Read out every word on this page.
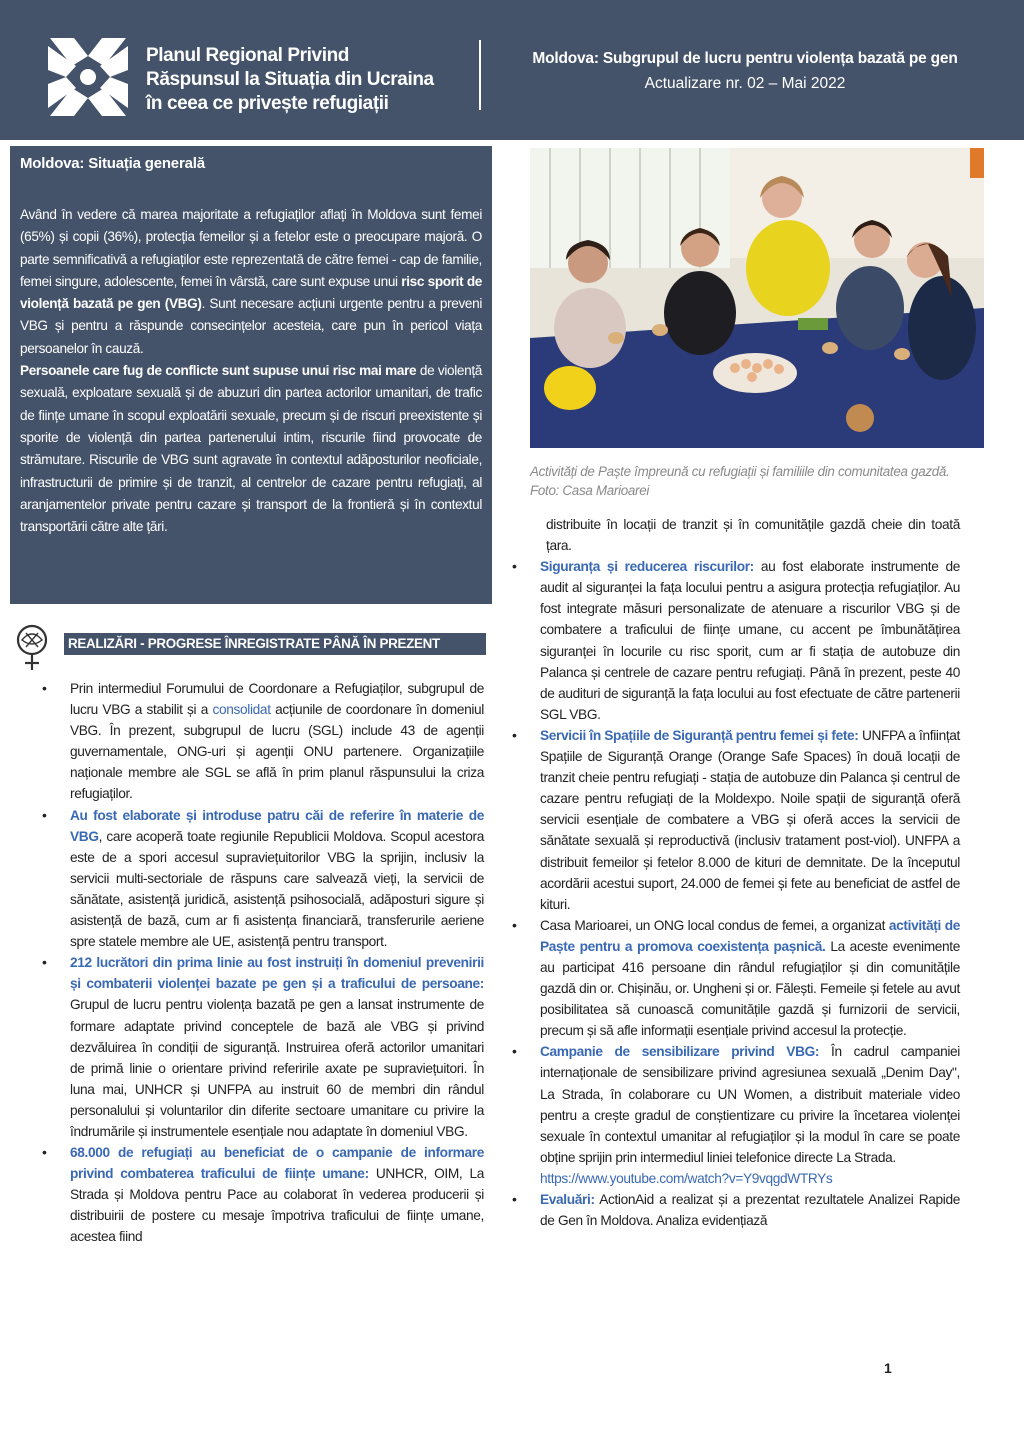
Planul Regional Privind
Răspunsul la Situația din Ucraina
în ceea ce privește refugiații
Moldova: Subgrupul de lucru pentru violența bazată pe gen
Actualizare nr. 02 – Mai 2022
Moldova: Situația generală

Având în vedere că marea majoritate a refugiaților aflați în Moldova sunt femei (65%) și copii (36%), protecția femeilor și a fetelor este o preocupare majoră. O parte semnificativă a refugiaților este reprezentată de către femei - cap de familie, femei singure, adolescente, femei în vârstă, care sunt expuse unui risc sporit de violență bazată pe gen (VBG). Sunt necesare acțiuni urgente pentru a preveni VBG și pentru a răspunde consecințelor acesteia, care pun în pericol viața persoanelor în cauză.

Persoanele care fug de conflicte sunt supuse unui risc mai mare de violență sexuală, exploatare sexuală și de abuzuri din partea actorilor umanitari, de trafic de ființe umane în scopul exploatării sexuale, precum și de riscuri preexistente și sporite de violență din partea partenerului intim, riscurile fiind provocate de strămutare. Riscurile de VBG sunt agravate în contextul adăposturilor neoficiale, infrastructurii de primire și de tranzit, al centrelor de cazare pentru refugiați, al aranjamentelor private pentru cazare și transport de la frontieră și în contextul transportării către alte țări.

REALIZĂRI - PROGRESE ÎNREGISTRATE PÂNĂ ÎN PREZENT
• Prin intermediul Forumului de Coordonare a Refugiaților, subgrupul de lucru VBG a stabilit și a consolidat acțiunile de coordonare în domeniul VBG. În prezent, subgrupul de lucru (SGL) include 43 de agenții guvernamentale, ONG-uri și agenții ONU partenere. Organizațiile naționale membre ale SGL se află în prim planul răspunsului la criza refugiaților.
• Au fost elaborate și introduse patru căi de referire în materie de VBG, care acoperă toate regiunile Republicii Moldova. Scopul acestora este de a spori accesul supraviețuitorilor VBG la sprijin, inclusiv la servicii multi-sectoriale de răspuns care salvează vieți, la servicii de sănătate, asistență juridică, asistență psihosocială, adăposturi sigure și asistență de bază, cum ar fi asistența financiară, transferurile aeriene spre statele membre ale UE, asistență pentru transport.
• 212 lucrători din prima linie au fost instruiți în domeniul prevenirii și combaterii violenței bazate pe gen și a traficului de persoane: Grupul de lucru pentru violența bazată pe gen a lansat instrumente de formare adaptate privind conceptele de bază ale VBG și privind dezvăluirea în condiții de siguranță. Instruirea oferă actorilor umanitari de primă linie o orientare privind referirile axate pe supraviețuitori. În luna mai, UNHCR și UNFPA au instruit 60 de membri din rândul personalului și voluntarilor din diferite sectoare umanitare cu privire la îndrumările și instrumentele esențiale nou adaptate în domeniul VBG.
• 68.000 de refugiați au beneficiat de o campanie de informare privind combaterea traficului de ființe umane: UNHCR, OIM, La Strada și Moldova pentru Pace au colaborat în vederea producerii și distribuirii de postere cu mesaje împotriva traficului de ființe umane, acestea fiind
Activități de Paște împreună cu refugiații și familiile din comunitatea gazdă. Foto: Casa Marioarei
distribuite în locații de tranzit și în comunitățile gazdă cheie din toată țara.
• Siguranța și reducerea riscurilor: au fost elaborate instrumente de audit al siguranței la fața locului pentru a asigura protecția refugiaților. Au fost integrate măsuri personalizate de atenuare a riscurilor VBG și de combatere a traficului de ființe umane, cu accent pe îmbunătățirea siguranței în locurile cu risc sporit, cum ar fi stația de autobuze din Palanca și centrele de cazare pentru refugiați. Până în prezent, peste 40 de audituri de siguranță la fața locului au fost efectuate de către partenerii SGL VBG.
• Servicii în Spațiile de Siguranță pentru femei și fete: UNFPA a înființat Spațiile de Siguranță Orange (Orange Safe Spaces) în două locații de tranzit cheie pentru refugiați - stația de autobuze din Palanca și centrul de cazare pentru refugiați de la Moldexpo. Noile spații de siguranță oferă servicii esențiale de combatere a VBG și oferă acces la servicii de sănătate sexuală și reproductivă (inclusiv tratament post-viol). UNFPA a distribuit femeilor și fetelor 8.000 de kituri de demnitate. De la începutul acordării acestui suport, 24.000 de femei și fete au beneficiat de astfel de kituri.
• Casa Marioarei, un ONG local condus de femei, a organizat activități de Paște pentru a promova coexistența pașnică. La aceste evenimente au participat 416 persoane din rândul refugiaților și din comunitățile gazdă din or. Chișinău, or. Ungheni și or. Fălești. Femeile și fetele au avut posibilitatea să cunoască comunitățile gazdă și furnizorii de servicii, precum și să afle informații esențiale privind accesul la protecție.
• Campanie de sensibilizare privind VBG: În cadrul campaniei internaționale de sensibilizare privind agresiunea sexuală „Denim Day", La Strada, în colaborare cu UN Women, a distribuit materiale video pentru a crește gradul de conștientizare cu privire la încetarea violenței sexuale în contextul umanitar al refugiaților și la modul în care se poate obține sprijin prin intermediul liniei telefonice directe La Strada.
https://www.youtube.com/watch?v=Y9vqgdWTRYs
• Evaluări: ActionAid a realizat și a prezentat rezultatele Analizei Rapide de Gen în Moldova. Analiza evidențiază
1
